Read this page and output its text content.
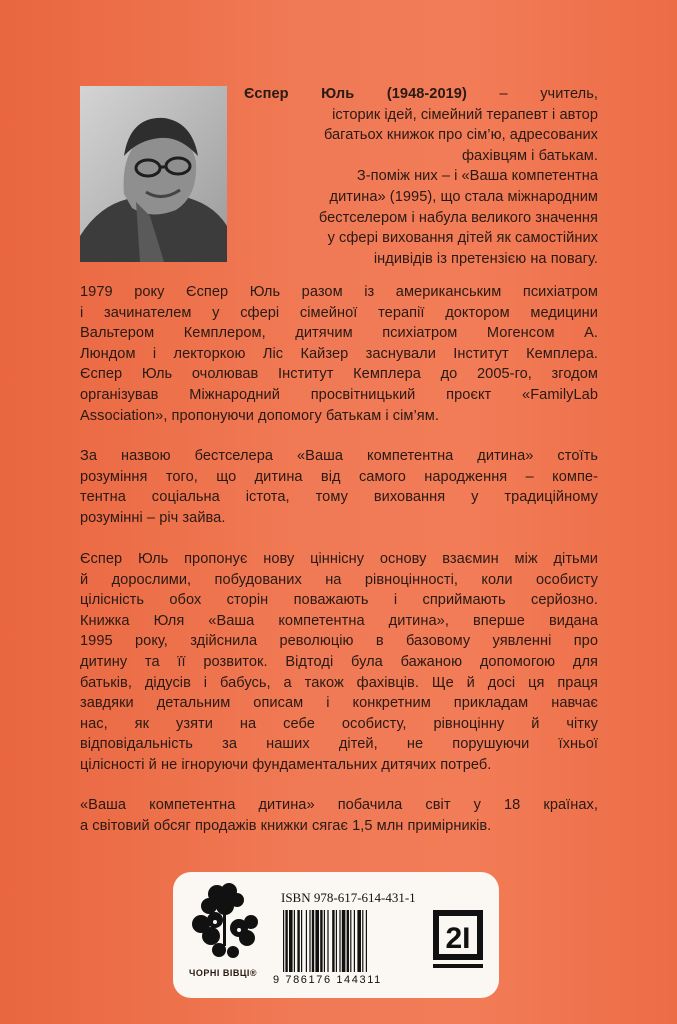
Єспер Юль (1948-2019) – учитель,
історик ідей, сімейний терапевт і автор
багатьох книжок про сім’ю, адресованих
фахівцям і батькам.
З-поміж них – і «Ваша компетентна
дитина» (1995), що стала міжнародним
бестселером і набула великого значення
у сфері виховання дітей як самостійних
індивідів із претензією на повагу.
1979 року Єспер Юль разом із американським психіатром
і зачинателем у сфері сімейної терапії доктором медицини
Вальтером Кемплером, дитячим психіатром Могенсом А.
Люндом і лекторкою Ліс Кайзер заснували Інститут Кемплера.
Єспер Юль очолював Інститут Кемплера до 2005-го, згодом
організував Міжнародний просвітницький проєкт «FamilyLab
Association», пропонуючи допомогу батькам і сім’ям.
За назвою бестселера «Ваша компетентна дитина» стоїть
розуміння того, що дитина від самого народження – компе-
тентна соціальна істота, тому виховання у традиційному
розумінні – річ зайва.
Єспер Юль пропонує нову ціннісну основу взаємин між дітьми
й дорослими, побудованих на рівноцінності, коли особисту
цілісність обох сторін поважають і сприймають серйозно.
Книжка Юля «Ваша компетентна дитина», вперше видана
1995 року, здійснила революцію в базовому уявленні про
дитину та її розвиток. Відтоді була бажаною допомогою для
батьків, дідусів і бабусь, а також фахівців. Ще й досі ця праця
завдяки детальним описам і конкретним прикладам навчає
нас, як узяти на себе особисту, рівноцінну й чітку
відповідальність за наших дітей, не порушуючи їхньої
цілісності й не ігноруючи фундаментальних дитячих потреб.
«Ваша компетентна дитина» побачила світ у 18 країнах,
а світовий обсяг продажів книжки сягає 1,5 млн примірників.
ЧОРНІ ВІВЦІ®
ISBN 978-617-614-431-1
9 786176 144311
2I
